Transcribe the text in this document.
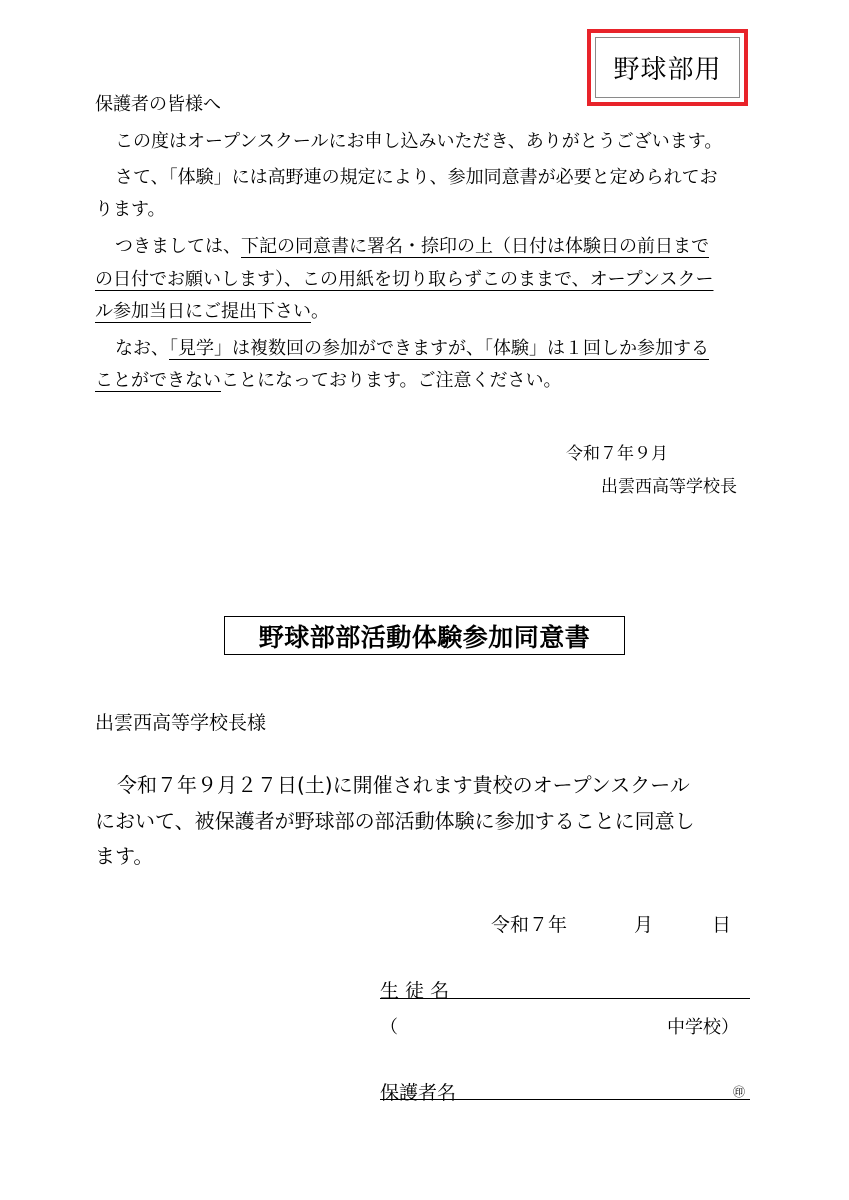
野球部用
保護者の皆様へ
この度はオープンスクールにお申し込みいただき、ありがとうございます。
さて、「体験」には高野連の規定により、参加同意書が必要と定められてお
ります。
つきましては、下記の同意書に署名・捺印の上（日付は体験日の前日まで
の日付でお願いします）、この用紙を切り取らずこのままで、オープンスクー
ル参加当日にご提出下さい。
なお、「見学」は複数回の参加ができますが、「体験」は１回しか参加する
ことができないことになっております。ご注意ください。
令和７年９月
出雲西高等学校長
野球部部活動体験参加同意書
出雲西高等学校長様
令和７年９月２７日(土)に開催されます貴校のオープンスクール
において、被保護者が野球部の部活動体験に参加することに同意し
ます。
令和７年	月	日
生 徒 名
（	中学校）
保護者名	㊞
